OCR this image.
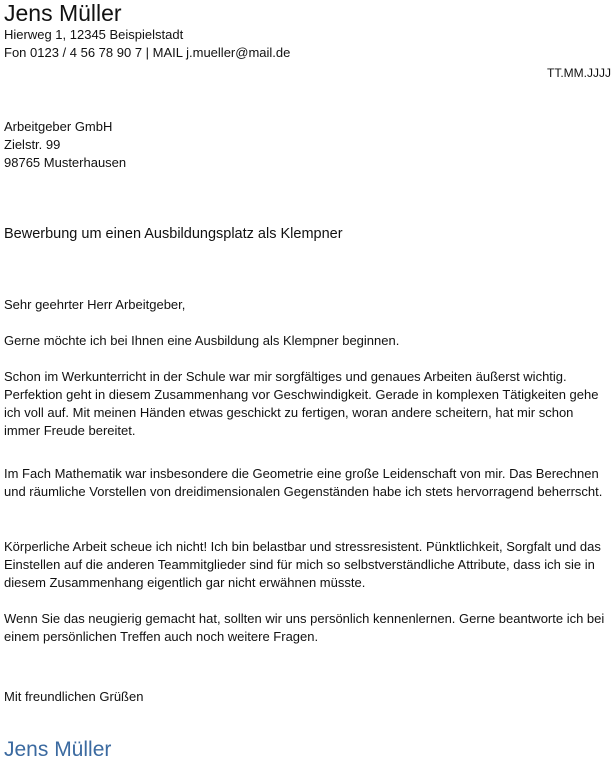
Jens Müller

Hierweg 1, 12345 Beispielstadt

Fon 0123 / 4 56 78 90 7 | MAIL j.mueller@mail.de

TT.MM.JJJJ

Arbeitgeber GmbH

Zielstr. 99

98765 Musterhausen

Bewerbung um einen Ausbildungsplatz als Klempner

Sehr geehrter Herr Arbeitgeber,

Gerne möchte ich bei Ihnen eine Ausbildung als Klempner beginnen.

Schon im Werkunterricht in der Schule war mir sorgfältiges und genaues Arbeiten äußerst wichtig. Perfektion geht in diesem Zusammenhang vor Geschwindigkeit. Gerade in komplexen Tätigkeiten gehe ich voll auf. Mit meinen Händen etwas geschickt zu fertigen, woran andere scheitern, hat mir schon immer Freude bereitet.

Im Fach Mathematik war insbesondere die Geometrie eine große Leidenschaft von mir. Das Berechnen und räumliche Vorstellen von dreidimensionalen Gegenständen habe ich stets hervorragend beherrscht.

Körperliche Arbeit scheue ich nicht! Ich bin belastbar und stressresistent. Pünktlichkeit, Sorgfalt und das Einstellen auf die anderen Teammitglieder sind für mich so selbstverständliche Attribute, dass ich sie in diesem Zusammenhang eigentlich gar nicht erwähnen müsste.

Wenn Sie das neugierig gemacht hat, sollten wir uns persönlich kennenlernen. Gerne beantworte ich bei einem persönlichen Treffen auch noch weitere Fragen.

Mit freundlichen Grüßen

Jens Müller
